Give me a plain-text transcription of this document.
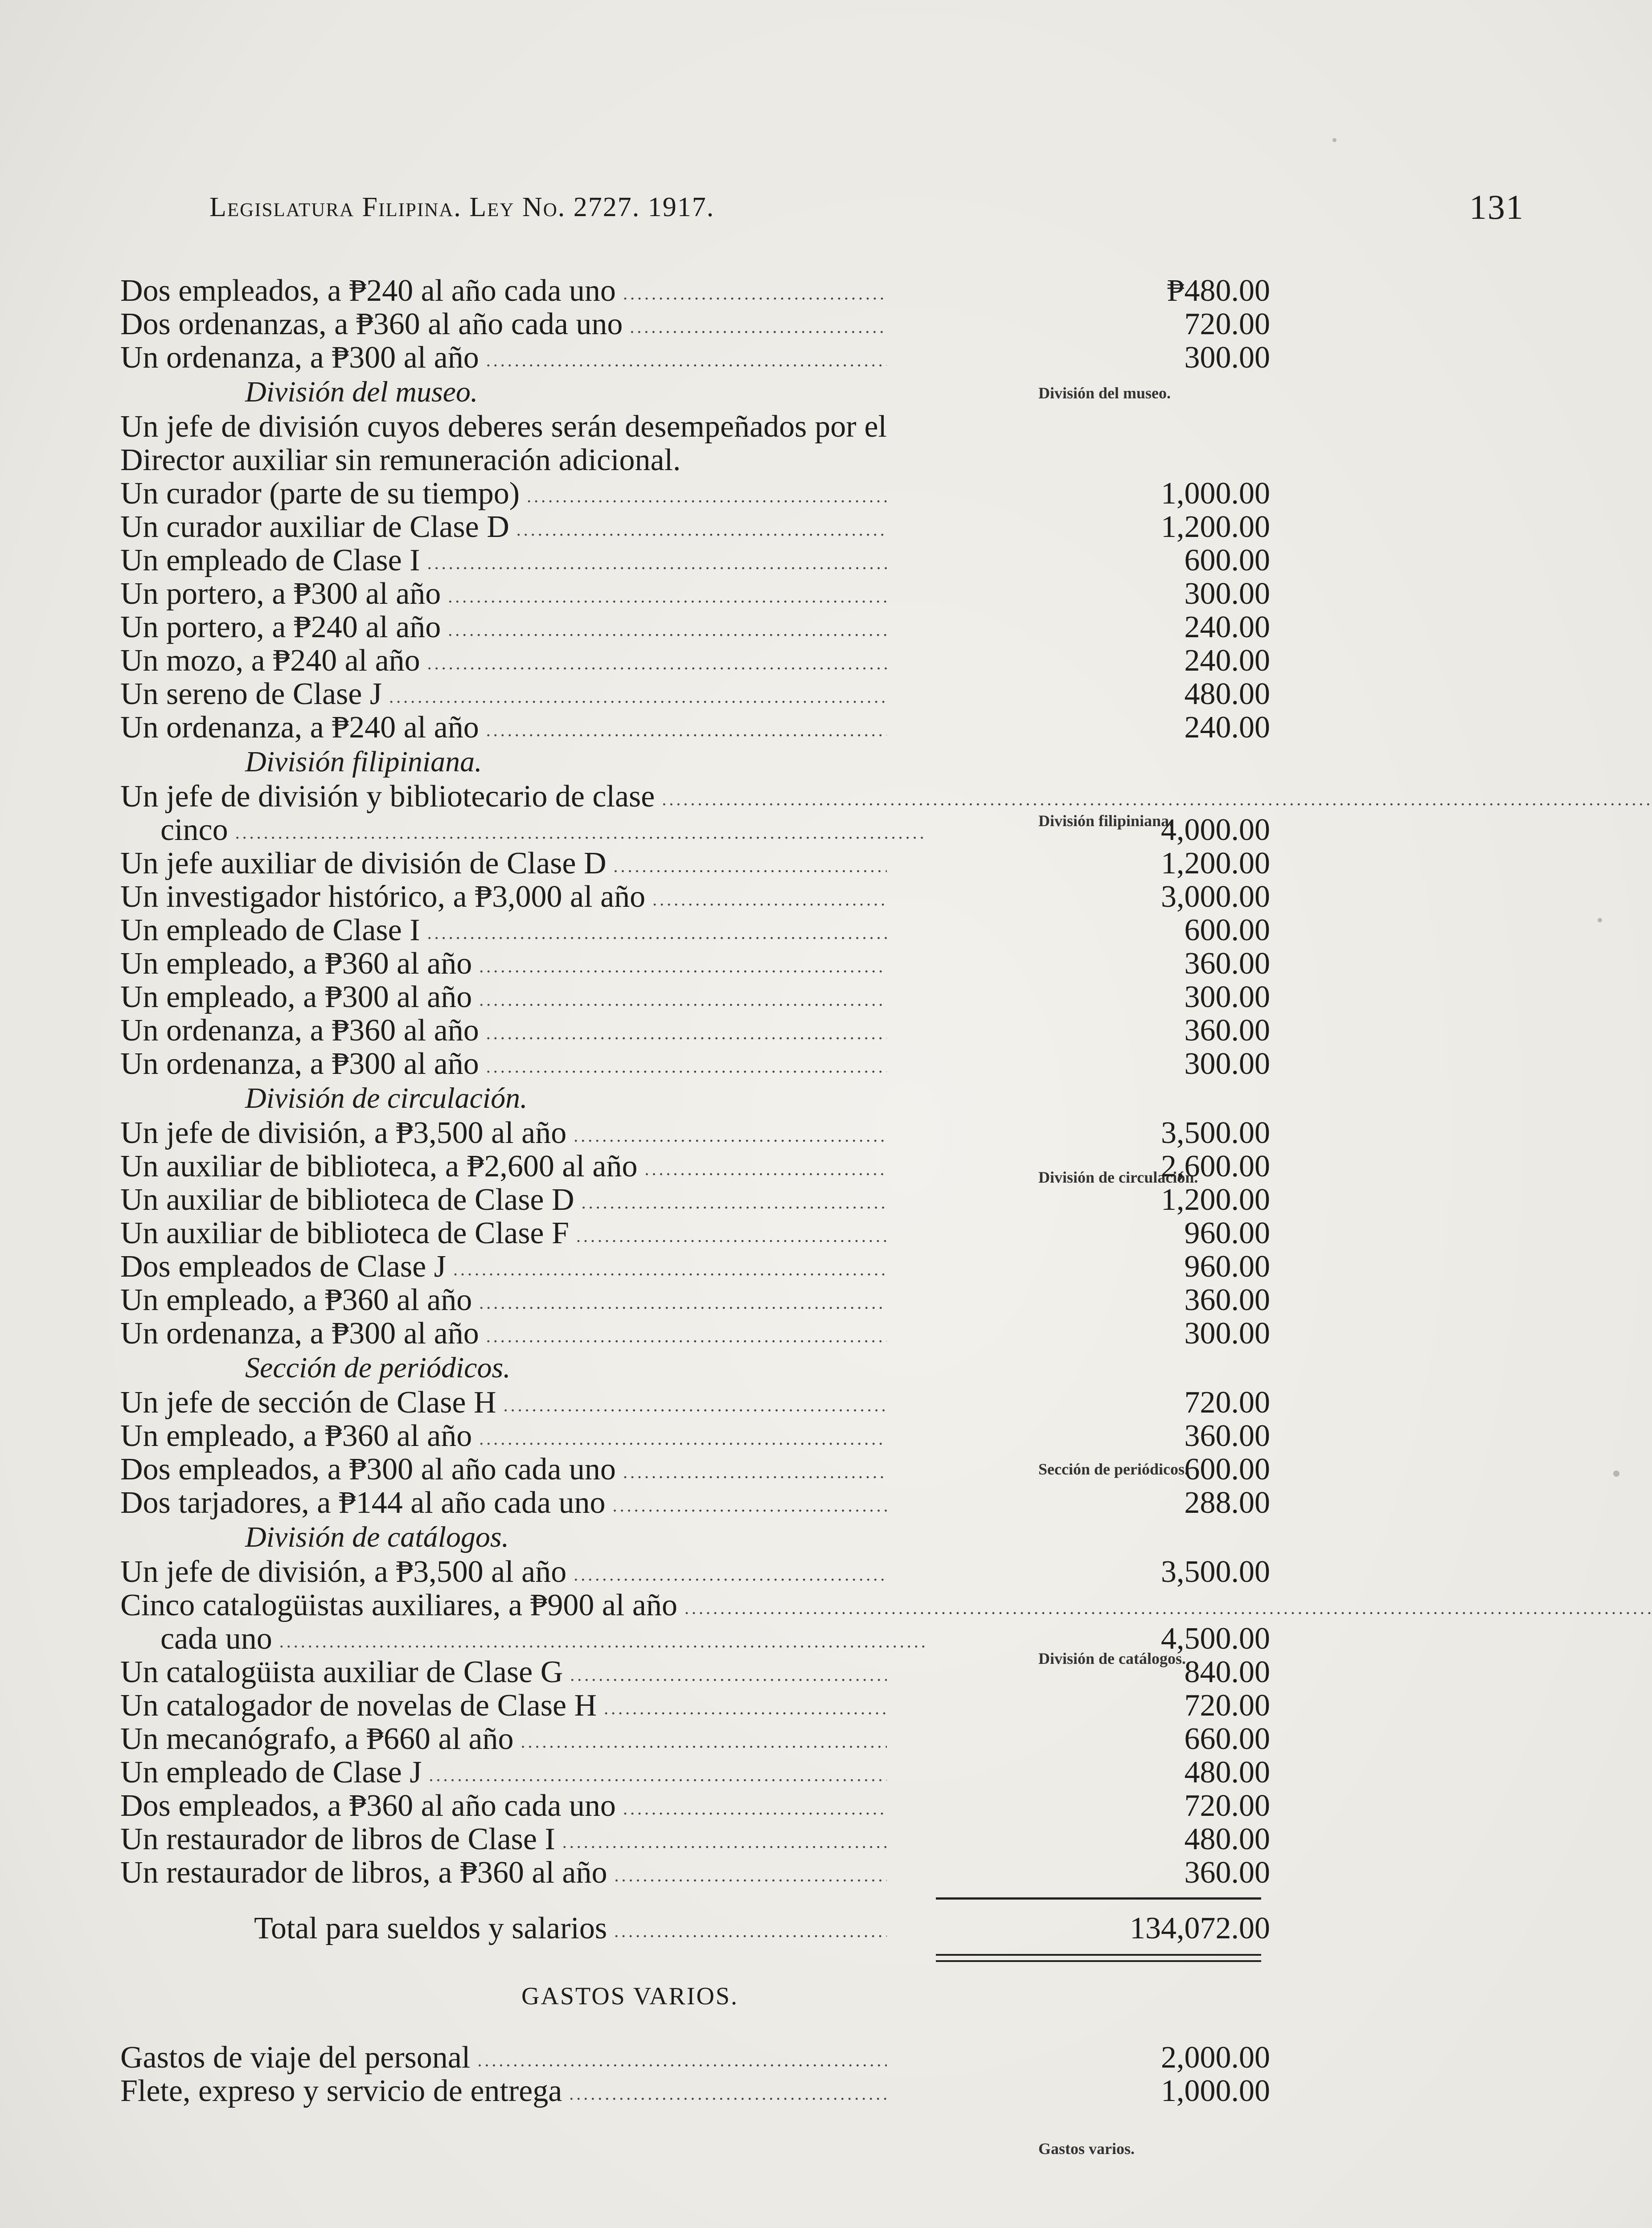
Legislatura Filipina. Ley No. 2727. 1917.	131
División del museo.
División filipiniana.
División de circulación.
Sección de periódicos.
División de catálogos.
Gastos varios.
Dos empleados, a ₱240 al año cada uno .....	₱480.00
Dos ordenanzas, a ₱360 al año cada uno .....	720.00
Un ordenanza, a ₱300 al año .....	300.00
División del museo.
Un jefe de división cuyos deberes serán desempeñados por el Director auxiliar sin remuneración adicional.
Un curador (parte de su tiempo) .....	1,000.00
Un curador auxiliar de Clase D .....	1,200.00
Un empleado de Clase I .....	600.00
Un portero, a ₱300 al año .....	300.00
Un portero, a ₱240 al año .....	240.00
Un mozo, a ₱240 al año .....	240.00
Un sereno de Clase J .....	480.00
Un ordenanza, a ₱240 al año .....	240.00
División filipiniana.
Un jefe de división y bibliotecario de clase .....
cinco .....	4,000.00
Un jefe auxiliar de división de Clase D .....	1,200.00
Un investigador histórico, a ₱3,000 al año .....	3,000.00
Un empleado de Clase I .....	600.00
Un empleado, a ₱360 al año .....	360.00
Un empleado, a ₱300 al año .....	300.00
Un ordenanza, a ₱360 al año .....	360.00
Un ordenanza, a ₱300 al año .....	300.00
División de circulación.
Un jefe de división, a ₱3,500 al año .....	3,500.00
Un auxiliar de biblioteca, a ₱2,600 al año .....	2,600.00
Un auxiliar de biblioteca de Clase D .....	1,200.00
Un auxiliar de biblioteca de Clase F .....	960.00
Dos empleados de Clase J .....	960.00
Un empleado, a ₱360 al año .....	360.00
Un ordenanza, a ₱300 al año .....	300.00
Sección de periódicos.
Un jefe de sección de Clase H .....	720.00
Un empleado, a ₱360 al año .....	360.00
Dos empleados, a ₱300 al año cada uno .....	600.00
Dos tarjadores, a ₱144 al año cada uno .....	288.00
División de catálogos.
Un jefe de división, a ₱3,500 al año .....	3,500.00
Cinco catalogüistas auxiliares, a ₱900 al año .....
cada uno .....	4,500.00
Un catalogüista auxiliar de Clase G .....	840.00
Un catalogador de novelas de Clase H .....	720.00
Un mecanógrafo, a ₱660 al año .....	660.00
Un empleado de Clase J .....	480.00
Dos empleados, a ₱360 al año cada uno .....	720.00
Un restaurador de libros de Clase I .....	480.00
Un restaurador de libros, a ₱360 al año .....	360.00
Total para sueldos y salarios .....	134,072.00
GASTOS VARIOS.
Gastos de viaje del personal .....	2,000.00
Flete, expreso y servicio de entrega .....	1,000.00
